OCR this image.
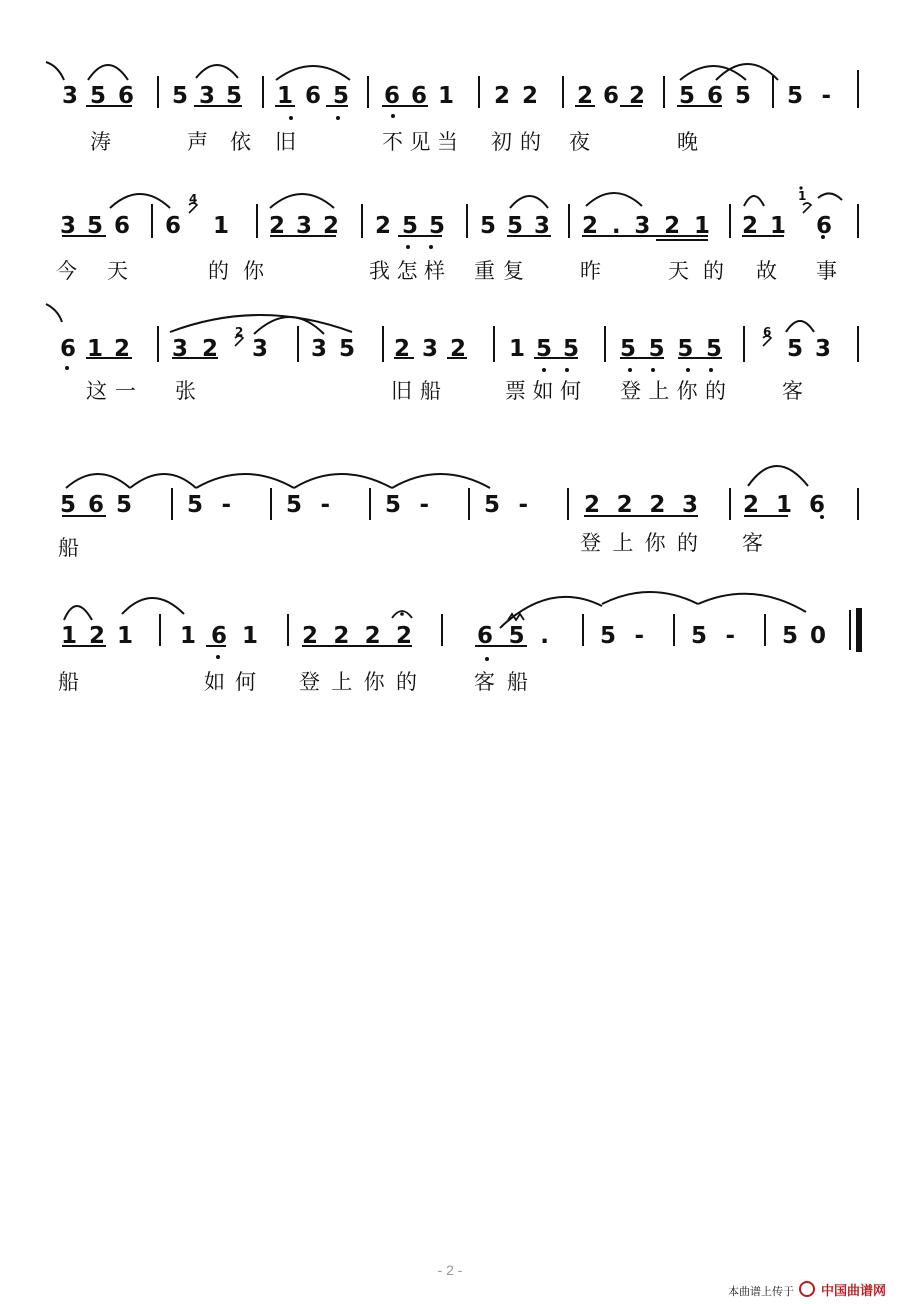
3 5 6 5 3 5 1 6 5 6 6 1 2 2 2 6 2 5 6 5 5 -
涛	声依 旧	不见当 初的 夜	晚
4	1
3 5 6 6 1 2 3 2 2 5 5 5 5 3 2 . 3 2 1 2 1 6
今 天	的你	我怎样 重复	昨	天的 故 事
2	6
6 1 2 3 2 3 3 5 2 3 2 1 5 5 5 5 5 5	5 3
这一 张	旧船	票如何 登上你的	客
5 6 5 5 - 5 - 5 - 5 - 2 2 2 3 2 1 6
船	登上你的 客
1 2 1 1 6 1 2 2 2 2	6 5 . 5 - 5 - 5 0
船	如何 登上你的	客船
- 2 -
本曲谱上传于 中国曲谱网
